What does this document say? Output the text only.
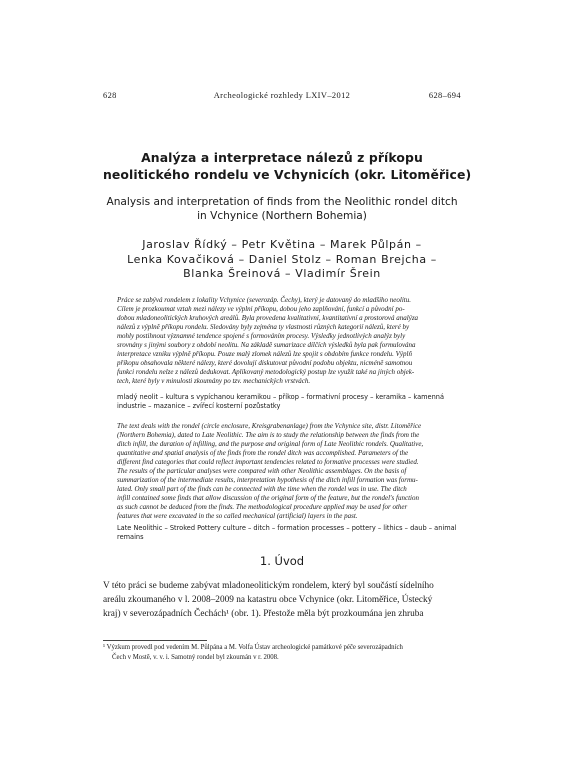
628	Archeologické rozhledy LXIV–2012	628–694
Analýza a interpretace nálezů z příkopu
neolitického rondelu ve Vchynicích (okr. Litoměřice)
Analysis and interpretation of finds from the Neolithic rondel ditch
in Vchynice (Northern Bohemia)
Jaroslav Řídký – Petr Květina – Marek Půlpán –
Lenka Kovačiková – Daniel Stolz – Roman Brejcha –
Blanka Šreinová – Vladimír Šrein
Práce se zabývá rondelem z lokality Vchynice (severozáp. Čechy), který je datovaný do mladšího neolitu.
Cílem je prozkoumat vztah mezi nálezy ve výplni příkopu, dobou jeho zaplňování, funkcí a původní po-
dobou mladoneolitických kruhových areálů. Byla provedena kvalitativní, kvantitativní a prostorová analýza
nálezů z výplně příkopu rondelu. Sledovány byly zejména ty vlastnosti různých kategorií nálezů, které by
mohly postihnout významné tendence spojené s formováním procesy. Výsledky jednotlivých analýz byly
srovnány s jinými soubory z období neolitu. Na základě sumarizace dílčích výsledků byla pak formulována
interpretace vzniku výplně příkopu. Pouze malý zlomek nálezů lze spojit s obdobím funkce rondelu. Výplň
příkopu obsahovala některé nálezy, které dovolují diskutovat původní podobu objektu, nicméně samotnou
funkci rondelu nelze z nálezů dedukovat. Aplikovaný metodologický postup lze využít také na jiných objek-
tech, které byly v minulosti zkoumány po tzv. mechanických vrstvách.
mladý neolit – kultura s vypíchanou keramikou – příkop – formativní procesy – keramika – kamenná
industrie – mazanice – zvířecí kosterní pozůstatky
The text deals with the rondel (circle enclosure, Kreisgrabenanlage) from the Vchynice site, distr. Litoměřice
(Northern Bohemia), dated to Late Neolithic. The aim is to study the relationship between the finds from the
ditch infill, the duration of infilling, and the purpose and original form of Late Neolithic rondels. Qualitative,
quantitative and spatial analysis of the finds from the rondel ditch was accomplished. Parameters of the
different find categories that could reflect important tendencies related to formative processes were studied.
The results of the particular analyses were compared with other Neolithic assemblages. On the basis of
summarization of the intermediate results, interpretation hypothesis of the ditch infill formation was formu-
lated. Only small part of the finds can be connected with the time when the rondel was in use. The ditch
infill contained some finds that allow discussion of the original form of the feature, but the rondel's function
as such cannot be deduced from the finds. The methodological procedure applied may be used for other
features that were excavated in the so called mechanical (artificial) layers in the past.
Late Neolithic – Stroked Pottery culture – ditch – formation processes – pottery – lithics – daub – animal
remains
1. Úvod
V této práci se budeme zabývat mladoneolitickým rondelem, který byl součástí sídelního
areálu zkoumaného v l. 2008–2009 na katastru obce Vchynice (okr. Litoměřice, Ústecký
kraj) v severozápadních Čechách¹ (obr. 1). Přestože měla být prozkoumána jen zhruba
¹ Výzkum provedl pod vedením M. Půlpána a M. Volfa Ústav archeologické památkové péče severozápadních
Čech v Mostě, v. v. i. Samotný rondel byl zkoumán v r. 2008.
